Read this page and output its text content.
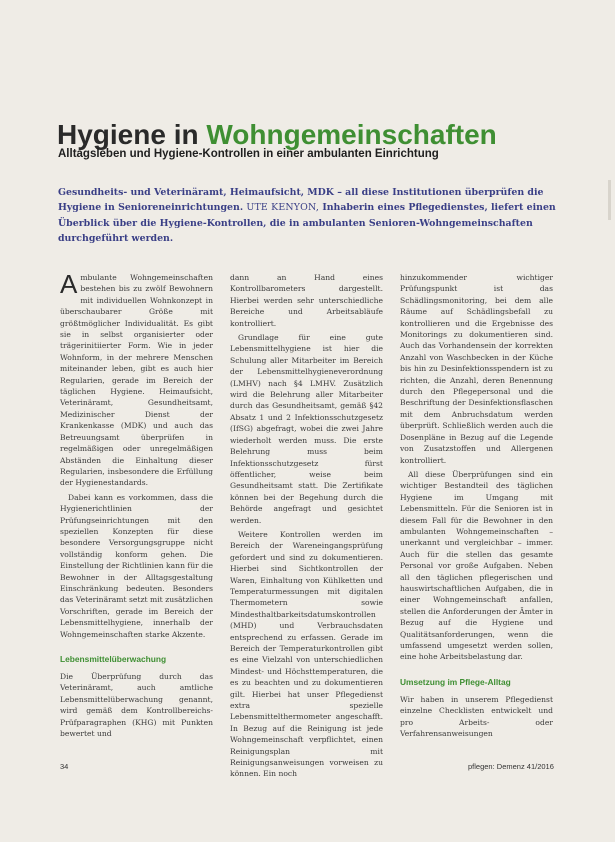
Hygiene in Wohngemeinschaften
Alltagsleben und Hygiene-Kontrollen in einer ambulanten Einrichtung
Gesundheits- und Veterinäramt, Heimaufsicht, MDK – all diese Institutionen überprüfen die Hygiene in Senioreneinrichtungen. UTE KENYON, Inhaberin eines Pflegedienstes, liefert einen Überblick über die Hygiene-Kontrollen, die in ambulanten Senioren-Wohngemeinschaften durchgeführt werden.

Ambulante Wohngemeinschaften bestehen bis zu zwölf Bewohnern mit individuellen Wohnkonzept in überschaubarer Größe mit größtmöglicher Individualität. Es gibt sie in selbst organisierter oder trägerinitiierter Form. Wie in jeder Wohnform, in der mehrere Menschen miteinander leben, gibt es auch hier Regularien, gerade im Bereich der täglichen Hygiene. Heimaufsicht, Veterinäramt, Gesundheitsamt, Medizinischer Dienst der Krankenkasse (MDK) und auch das Betreuungsamt überprüfen in regelmäßigen oder unregelmäßigen Abständen die Einhaltung dieser Regularien, insbesondere die Erfüllung der Hygienestandards.

Dabei kann es vorkommen, dass die Hygienerichtlinien der Prüfungseinrichtungen mit den speziellen Konzepten für diese besondere Versorgungsgruppe nicht vollständig konform gehen. Die Einstellung der Richtlinien kann für die Bewohner in der Alltagsgestaltung Einschränkung bedeuten. Besonders das Veterinäramt setzt mit zusätzlichen Vorschriften, gerade im Bereich der Lebensmittelhygiene, innerhalb der Wohngemeinschaften starke Akzente.

Lebensmittelüberwachung

Die Überprüfung durch das Veterinäramt, auch amtliche Lebensmittelüberwachung genannt, wird gemäß dem Kontrollbereichs-Prüfparagraphen (KHG) mit Punkten bewertet und

dann an Hand eines Kontrollbarometers dargestellt. Hierbei werden sehr unterschiedliche Bereiche und Arbeitsabläufe kontrolliert.

Grundlage für eine gute Lebensmittelhygiene ist hier die Schulung aller Mitarbeiter im Bereich der Lebensmittelhygieneverordnung (LMHV) nach §4 LMHV. Zusätzlich wird die Belehrung aller Mitarbeiter durch das Gesundheitsamt, gemäß §42 Absatz 1 und 2 Infektionsschutzgesetz (IfSG) abgefragt, wobei die zwei Jahre wiederholt werden muss. Die erste Belehrung muss beim Infektionsschutzgesetz fürst öffentlicher, weise beim Gesundheitsamt statt. Die Zertifikate können bei der Begehung durch die Behörde angefragt und gesichtet werden.

Weitere Kontrollen werden im Bereich der Wareneingangsprüfung gefordert und sind zu dokumentieren. Hierbei sind Sichtkontrollen der Waren, Einhaltung von Kühlketten und Temperaturmessungen mit digitalen Thermometern sowie Mindesthaltbarkeitsdatumskontrollen (MHD) und Verbrauchsdaten entsprechend zu erfassen. Gerade im Bereich der Temperaturkontrollen gibt es eine Vielzahl von unterschiedlichen Mindest- und Höchsttemperaturen, die es zu beachten und zu dokumentieren gilt. Hierbei hat unser Pflegedienst extra spezielle Lebensmittelthermometer angeschafft. In Bezug auf die Reinigung ist jede Wohngemeinschaft verpflichtet, einen Reinigungsplan mit Reinigungsanweisungen vorweisen zu können. Ein noch

hinzukommender wichtiger Prüfungspunkt ist das Schädlingsmonitoring, bei dem alle Räume auf Schädlingsbefall zu kontrollieren und die Ergebnisse des Monitorings zu dokumentieren sind. Auch das Vorhandensein der korrekten Anzahl von Waschbecken in der Küche bis hin zu Desinfektionsspendern ist zu richten, die Anzahl, deren Benennung durch den Pflegepersonal und die Beschriftung der Desinfektionsflaschen mit dem Anbruchsdatum werden überprüft. Schließlich werden auch die Dosenpläne in Bezug auf die Legende von Zusatzstoffen und Allergenen kontrolliert.

All diese Überprüfungen sind ein wichtiger Bestandteil des täglichen Hygiene im Umgang mit Lebensmitteln. Für die Senioren ist in diesem Fall für die Bewohner in den ambulanten Wohngemeinschaften – unerkannt und vergleichbar – immer. Auch für die stellen das gesamte Personal vor große Aufgaben. Neben all den täglichen pflegerischen und hauswirtschaftlichen Aufgaben, die in einer Wohngemeinschaft anfallen, stellen die Anforderungen der Ämter in Bezug auf die Hygiene und Qualitätsanforderungen, wenn die umfassend umgesetzt werden sollen, eine hohe Arbeitsbelastung dar.

Umsetzung im Pflege-Alltag

Wir haben in unserem Pflegedienst einzelne Checklisten entwickelt und pro Arbeits- oder Verfahrensanweisungen

34	pflegen: Demenz 41/2016
